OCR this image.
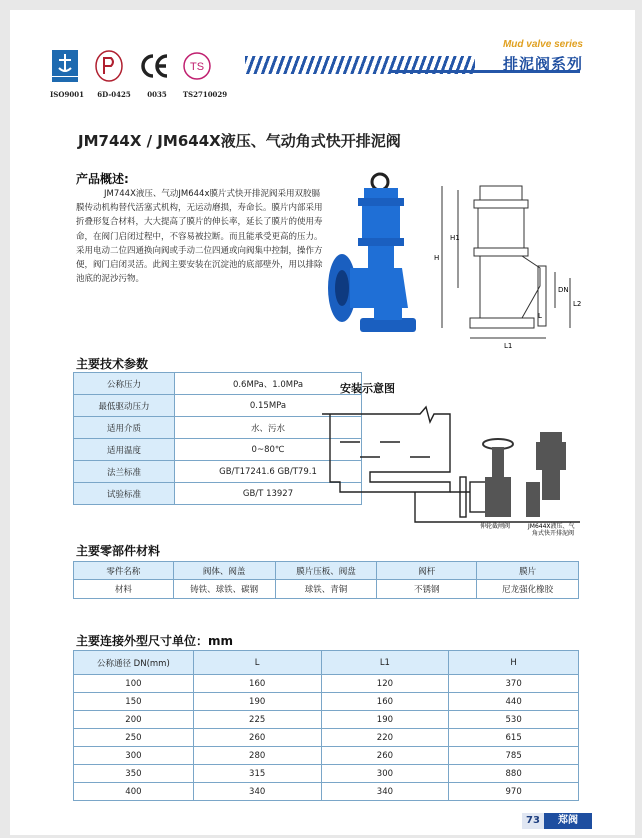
ISO9001	6D-0425	0035
TS
TS2710029
Mud valve series
排泥阀系列
JM744X / JM644X液压、气动角式快开排泥阀
产品概述:
JM744X液压、气动JM644x膜片式快开排泥阀采用双胶膈膜传动机构替代活塞式机构，无运动磨损，寿命长。膜片内部采用折叠形复合材料，大大提高了膜片的伸长率，延长了膜片的使用寿命，在阀门启闭过程中，不容易被拉断。而且能承受更高的压力。采用电动二位四通换向阀或手动二位四通或向阀集中控制，操作方便，阀门启闭灵活。此阀主要安装在沉淀池的底部壁外，用以排除池底的泥沙污物。
H
H1
DN
L2
L
L1
主要技术参数
公称压力	0.6MPa、1.0MPa
最低驱动压力	0.15MPa
适用介质	水、污水
适用温度	0~80℃
法兰标准	GB/T17241.6 GB/T79.1
试验标准	GB/T 13927
安装示意图
伸轮截闸阀	JM644X液压、气
角式快开排泥阀
主要零部件材料
零件名称	阀体、阀盖	膜片压板、阀盘	阀杆	膜片
材料	铸铁、球铁、碳钢	球铁、青铜	不锈钢	尼龙强化橡胶
主要连接外型尺寸单位：mm
公称通径 DN(mm)	L	L1	H
100	160	120	370
150	190	160	440
200	225	190	530
250	260	220	615
300	280	260	785
350	315	300	880
400	340	340	970
73	郑阀
